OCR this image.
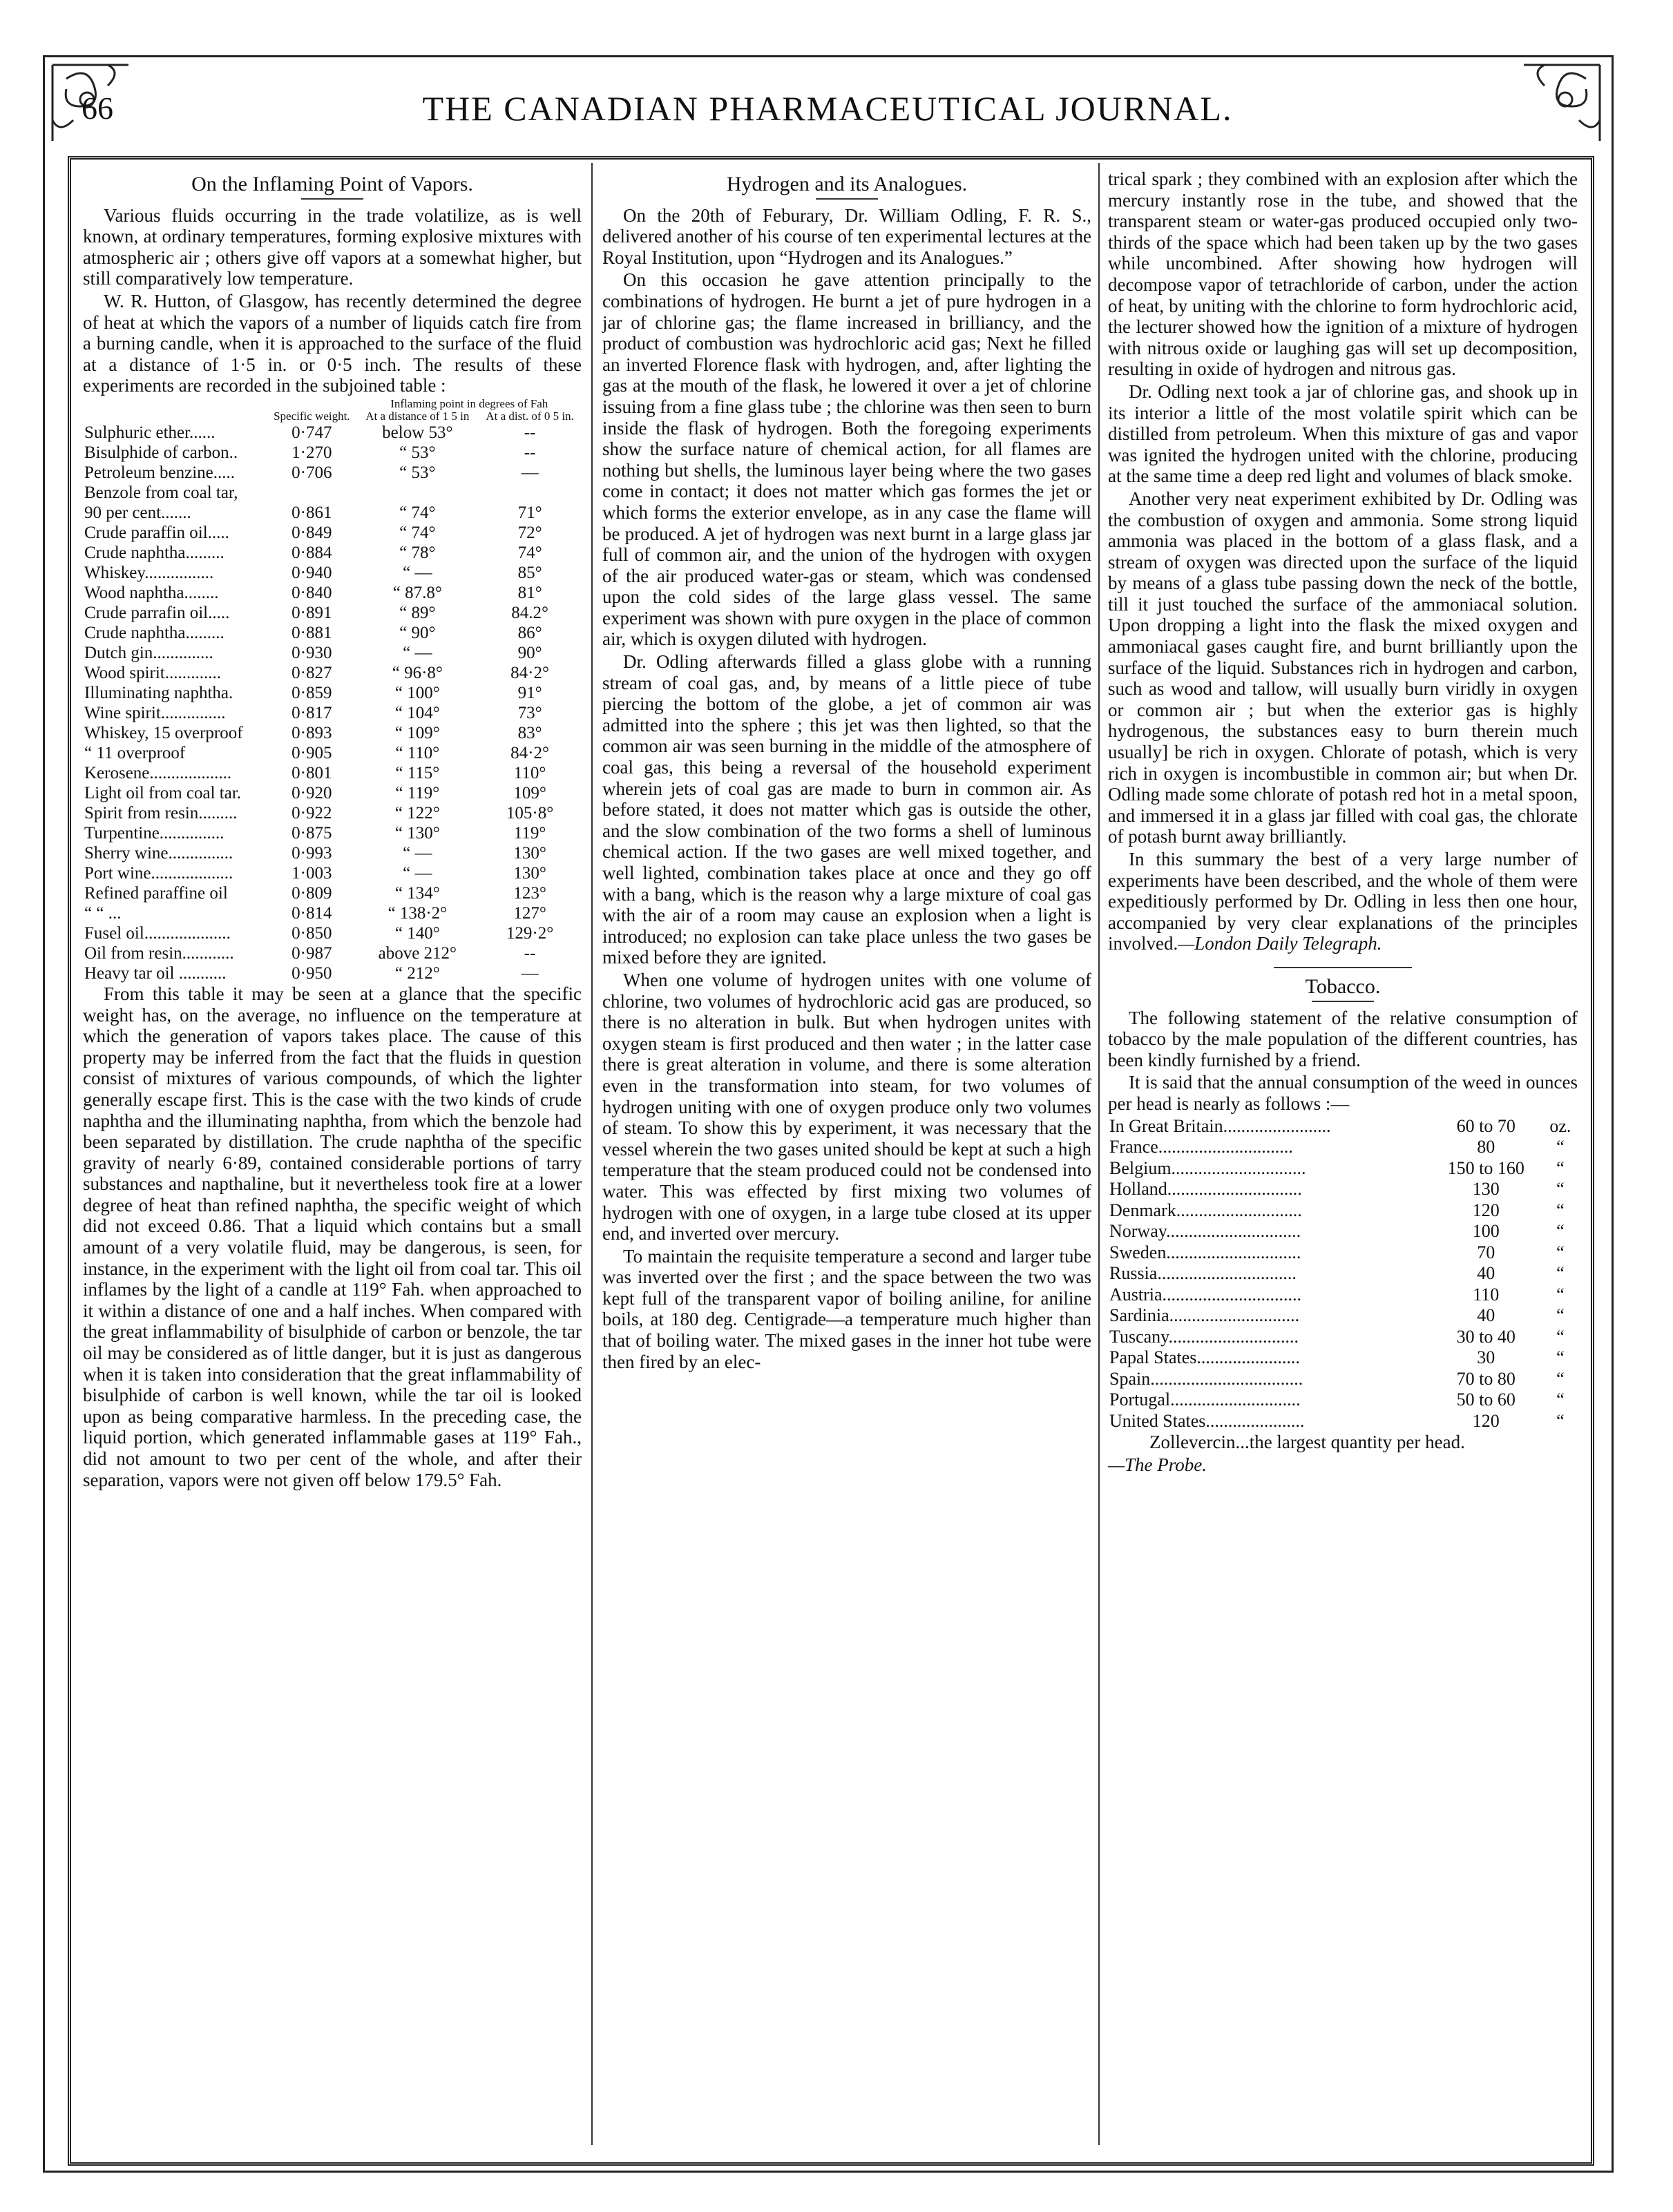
66	THE CANADIAN PHARMACEUTICAL JOURNAL.
On the Inflaming Point of Vapors.

Various fluids occurring in the trade volatilize, as is well known, at ordinary temperatures, forming explosive mixtures with atmospheric air ; others give off vapors at a somewhat higher, but still comparatively low temperature.

W. R. Hutton, of Glasgow, has recently determined the degree of heat at which the vapors of a number of liquids catch fire from a burning candle, when it is approached to the surface of the fluid at a distance of 1·5 in. or 0·5 inch. The results of these experiments are recorded in the subjoined table :

		Inflaming point in degrees of Fah	
	Specific weight.	At a distance of 1 5 in	At a dist. of 0 5 in.
Sulphuric ether......	0·747	below 53°	--
Bisulphide of carbon..	1·270	“ 53°	--
Petroleum benzine.....	0·706	“ 53°	—
Benzole from coal tar,			
90 per cent.......	0·861	“ 74°	71°
Crude paraffin oil.....	0·849	“ 74°	72°
Crude naphtha.........	0·884	“ 78°	74°
Whiskey................	0·940	“ —	85°
Wood naphtha........	0·840	“ 87.8°	81°
Crude parrafin oil.....	0·891	“ 89°	84.2°
Crude naphtha.........	0·881	“ 90°	86°
Dutch gin..............	0·930	“ —	90°
Wood spirit.............	0·827	“ 96·8°	84·2°
Illuminating naphtha.	0·859	“ 100°	91°
Wine spirit...............	0·817	“ 104°	73°
Whiskey, 15 overproof	0·893	“ 109°	83°
“ 11 overproof	0·905	“ 110°	84·2°
Kerosene...................	0·801	“ 115°	110°
Light oil from coal tar.	0·920	“ 119°	109°
Spirit from resin.........	0·922	“ 122°	105·8°
Turpentine...............	0·875	“ 130°	119°
Sherry wine...............	0·993	“ —	130°
Port wine...................	1·003	“ —	130°
Refined paraffine oil	0·809	“ 134°	123°
“ “ ...	0·814	“ 138·2°	127°
Fusel oil....................	0·850	“ 140°	129·2°
Oil from resin............	0·987	above 212°	--
Heavy tar oil ...........	0·950	“ 212°	—

From this table it may be seen at a glance that the specific weight has, on the average, no influence on the temperature at which the generation of vapors takes place. The cause of this property may be inferred from the fact that the fluids in question consist of mixtures of various compounds, of which the lighter generally escape first. This is the case with the two kinds of crude naphtha and the illuminating naphtha, from which the benzole had been separated by distillation. The crude naphtha of the specific gravity of nearly 6·89, contained considerable portions of tarry substances and napthaline, but it nevertheless took fire at a lower degree of heat than refined naphtha, the specific weight of which did not exceed 0.86. That a liquid which contains but a small amount of a very volatile fluid, may be dangerous, is seen, for instance, in the experiment with the light oil from coal tar. This oil inflames by the light of a candle at 119° Fah. when approached to it within a distance of one and a half inches. When compared with the great inflammability of bisulphide of carbon or benzole, the tar oil may be considered as of little danger, but it is just as dangerous when it is taken into consideration that the great inflammability of bisulphide of carbon is well known, while the tar oil is looked upon as being comparative harmless. In the preceding case, the liquid portion, which generated inflammable gases at 119° Fah., did not amount to two per cent of the whole, and after their separation, vapors were not given off below 179.5° Fah.

Hydrogen and its Analogues.

On the 20th of Feburary, Dr. William Odling, F. R. S., delivered another of his course of ten experimental lectures at the Royal Institution, upon “Hydrogen and its Analogues.”

On this occasion he gave attention principally to the combinations of hydrogen. He burnt a jet of pure hydrogen in a jar of chlorine gas; the flame increased in brilliancy, and the product of combustion was hydrochloric acid gas; Next he filled an inverted Florence flask with hydrogen, and, after lighting the gas at the mouth of the flask, he lowered it over a jet of chlorine issuing from a fine glass tube ; the chlorine was then seen to burn inside the flask of hydrogen. Both the foregoing experiments show the surface nature of chemical action, for all flames are nothing but shells, the luminous layer being where the two gases come in contact; it does not matter which gas formes the jet or which forms the exterior envelope, as in any case the flame will be produced. A jet of hydrogen was next burnt in a large glass jar full of common air, and the union of the hydrogen with oxygen of the air produced water-gas or steam, which was condensed upon the cold sides of the large glass vessel. The same experiment was shown with pure oxygen in the place of common air, which is oxygen diluted with hydrogen.

Dr. Odling afterwards filled a glass globe with a running stream of coal gas, and, by means of a little piece of tube piercing the bottom of the globe, a jet of common air was admitted into the sphere ; this jet was then lighted, so that the common air was seen burning in the middle of the atmosphere of coal gas, this being a reversal of the household experiment wherein jets of coal gas are made to burn in common air. As before stated, it does not matter which gas is outside the other, and the slow combination of the two forms a shell of luminous chemical action. If the two gases are well mixed together, and well lighted, combination takes place at once and they go off with a bang, which is the reason why a large mixture of coal gas with the air of a room may cause an explosion when a light is introduced; no explosion can take place unless the two gases be mixed before they are ignited.

When one volume of hydrogen unites with one volume of chlorine, two volumes of hydrochloric acid gas are produced, so there is no alteration in bulk. But when hydrogen unites with oxygen steam is first produced and then water ; in the latter case there is great alteration in volume, and there is some alteration even in the transformation into steam, for two volumes of hydrogen uniting with one of oxygen produce only two volumes of steam. To show this by experiment, it was necessary that the vessel wherein the two gases united should be kept at such a high temperature that the steam produced could not be condensed into water. This was effected by first mixing two volumes of hydrogen with one of oxygen, in a large tube closed at its upper end, and inverted over mercury.

To maintain the requisite temperature a second and larger tube was inverted over the first ; and the space between the two was kept full of the transparent vapor of boiling aniline, for aniline boils, at 180 deg. Centigrade—a temperature much higher than that of boiling water. The mixed gases in the inner hot tube were then fired by an elec-

trical spark ; they combined with an explosion after which the mercury instantly rose in the tube, and showed that the transparent steam or water-gas produced occupied only two-thirds of the space which had been taken up by the two gases while uncombined. After showing how hydrogen will decompose vapor of tetrachloride of carbon, under the action of heat, by uniting with the chlorine to form hydrochloric acid, the lecturer showed how the ignition of a mixture of hydrogen with nitrous oxide or laughing gas will set up decomposition, resulting in oxide of hydrogen and nitrous gas.

Dr. Odling next took a jar of chlorine gas, and shook up in its interior a little of the most volatile spirit which can be distilled from petroleum. When this mixture of gas and vapor was ignited the hydrogen united with the chlorine, producing at the same time a deep red light and volumes of black smoke.

Another very neat experiment exhibited by Dr. Odling was the combustion of oxygen and ammonia. Some strong liquid ammonia was placed in the bottom of a glass flask, and a stream of oxygen was directed upon the surface of the liquid by means of a glass tube passing down the neck of the bottle, till it just touched the surface of the ammoniacal solution. Upon dropping a light into the flask the mixed oxygen and ammoniacal gases caught fire, and burnt brilliantly upon the surface of the liquid. Substances rich in hydrogen and carbon, such as wood and tallow, will usually burn viridly in oxygen or common air ; but when the exterior gas is highly hydrogenous, the substances easy to burn therein much usually] be rich in oxygen. Chlorate of potash, which is very rich in oxygen is incombustible in common air; but when Dr. Odling made some chlorate of potash red hot in a metal spoon, and immersed it in a glass jar filled with coal gas, the chlorate of potash burnt away brilliantly.

In this summary the best of a very large number of experiments have been described, and the whole of them were expeditiously performed by Dr. Odling in less then one hour, accompanied by very clear explanations of the principles involved.—London Daily Telegraph.

Tobacco.

The following statement of the relative consumption of tobacco by the male population of the different countries, has been kindly furnished by a friend.

It is said that the annual consumption of the weed in ounces per head is nearly as follows :—

In Great Britain........................	60 to 70	oz.
France..............................	80	“
Belgium..............................	150 to 160	“
Holland..............................	130	“
Denmark............................	120	“
Norway..............................	100	“
Sweden..............................	70	“
Russia...............................	40	“
Austria...............................	110	“
Sardinia.............................	40	“
Tuscany.............................	30 to 40	“
Papal States.......................	30	“
Spain..................................	70 to 80	“
Portugal.............................	50 to 60	“
United States......................	120	“

Zollevercin...the largest quantity per head.

—The Probe.
